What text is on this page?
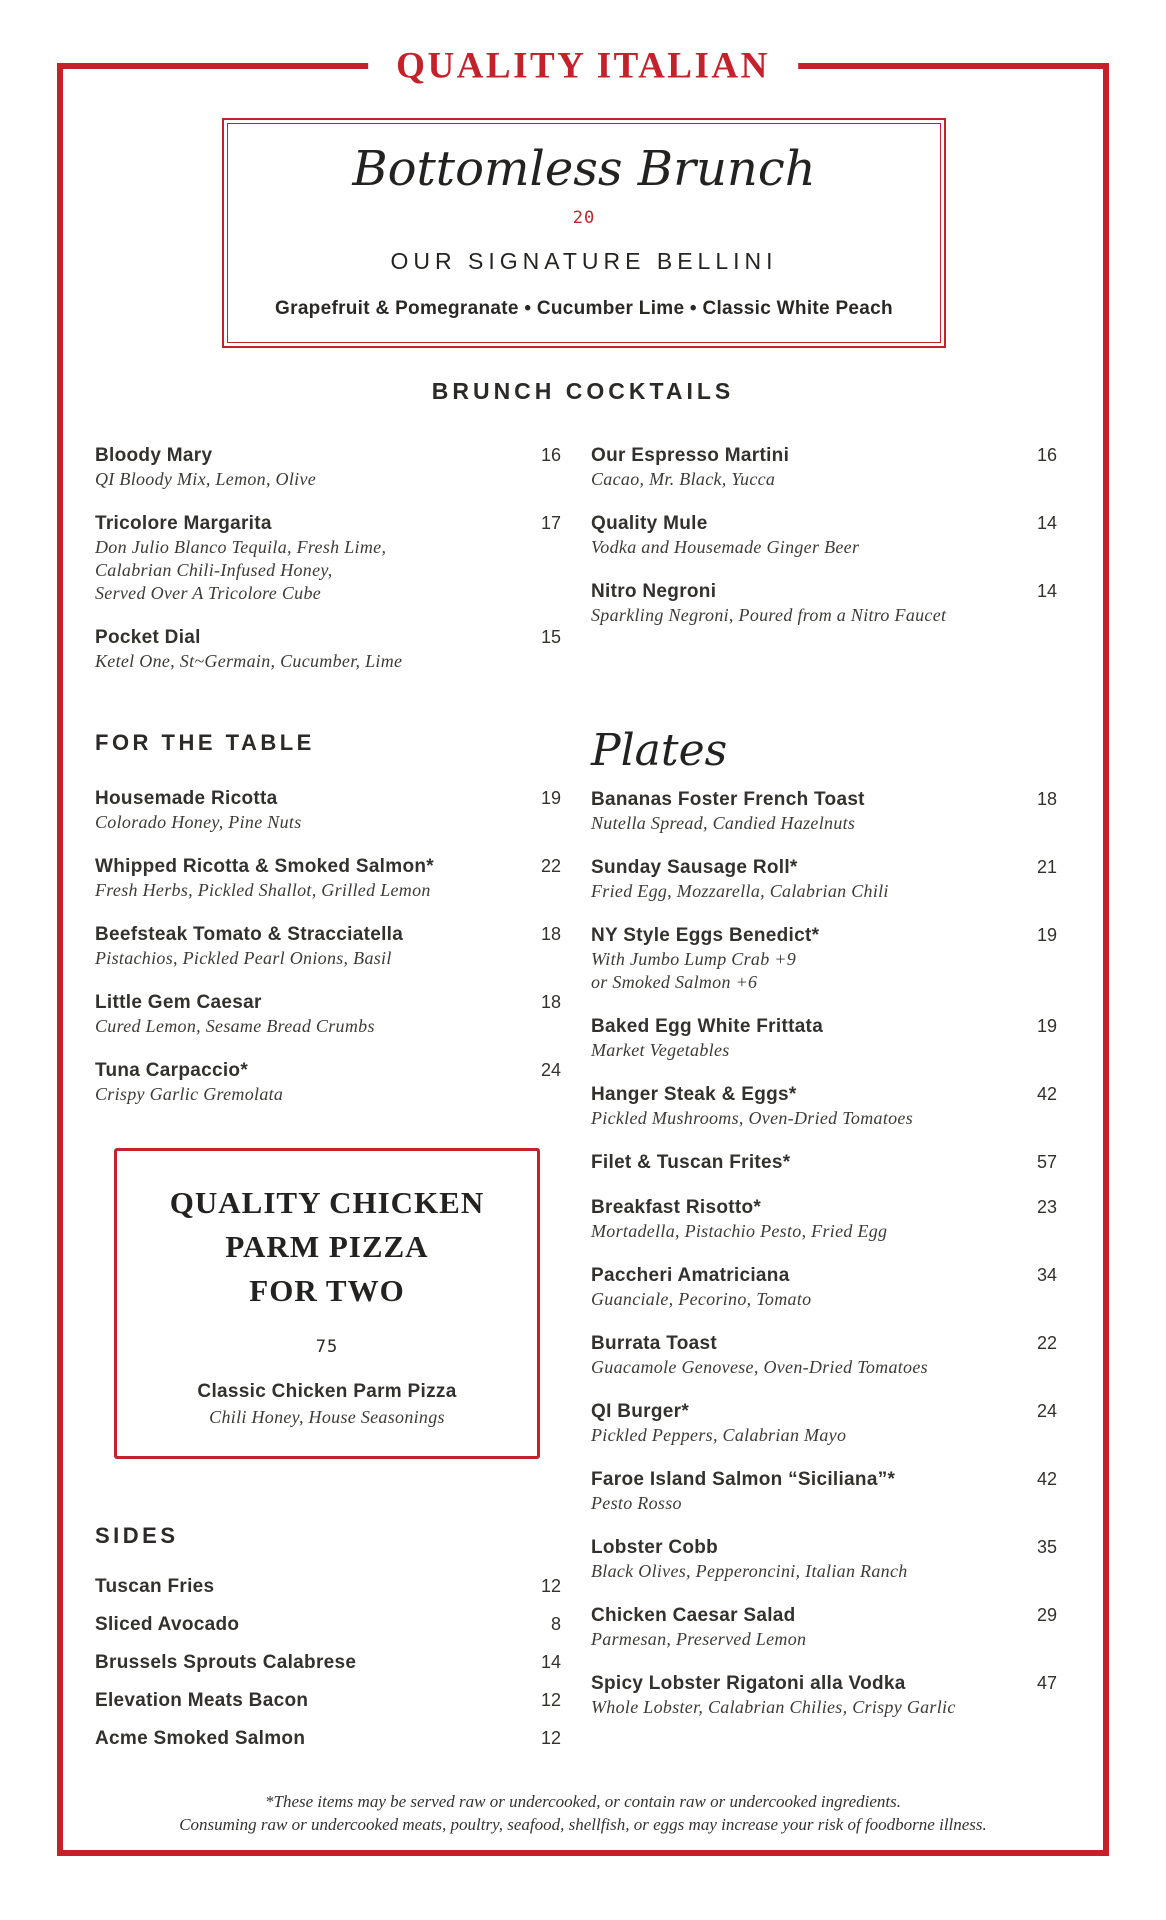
QUALITY ITALIAN
Bottomless Brunch
20
OUR SIGNATURE BELLINI
Grapefruit & Pomegranate • Cucumber Lime • Classic White Peach
BRUNCH COCKTAILS
Bloody Mary	16
QI Bloody Mix, Lemon, Olive
Tricolore Margarita	17
Don Julio Blanco Tequila, Fresh Lime,
Calabrian Chili-Infused Honey,
Served Over A Tricolore Cube
Pocket Dial	15
Ketel One, St~Germain, Cucumber, Lime
FOR THE TABLE
Housemade Ricotta	19
Colorado Honey, Pine Nuts
Whipped Ricotta & Smoked Salmon*	22
Fresh Herbs, Pickled Shallot, Grilled Lemon
Beefsteak Tomato & Stracciatella	18
Pistachios, Pickled Pearl Onions, Basil
Little Gem Caesar	18
Cured Lemon, Sesame Bread Crumbs
Tuna Carpaccio*	24
Crispy Garlic Gremolata
QUALITY CHICKEN
PARM PIZZA
FOR TWO
75
Classic Chicken Parm Pizza
Chili Honey, House Seasonings
SIDES
Tuscan Fries	12
Sliced Avocado	8
Brussels Sprouts Calabrese	14
Elevation Meats Bacon	12
Acme Smoked Salmon	12
Our Espresso Martini	16
Cacao, Mr. Black, Yucca
Quality Mule	14
Vodka and Housemade Ginger Beer
Nitro Negroni	14
Sparkling Negroni, Poured from a Nitro Faucet
Plates
Bananas Foster French Toast	18
Nutella Spread, Candied Hazelnuts
Sunday Sausage Roll*	21
Fried Egg, Mozzarella, Calabrian Chili
NY Style Eggs Benedict*	19
With Jumbo Lump Crab +9
or Smoked Salmon +6
Baked Egg White Frittata	19
Market Vegetables
Hanger Steak & Eggs*	42
Pickled Mushrooms, Oven-Dried Tomatoes
Filet & Tuscan Frites*	57
Breakfast Risotto*	23
Mortadella, Pistachio Pesto, Fried Egg
Paccheri Amatriciana	34
Guanciale, Pecorino, Tomato
Burrata Toast	22
Guacamole Genovese, Oven-Dried Tomatoes
QI Burger*	24
Pickled Peppers, Calabrian Mayo
Faroe Island Salmon “Siciliana”*	42
Pesto Rosso
Lobster Cobb	35
Black Olives, Pepperoncini, Italian Ranch
Chicken Caesar Salad	29
Parmesan, Preserved Lemon
Spicy Lobster Rigatoni alla Vodka	47
Whole Lobster, Calabrian Chilies, Crispy Garlic
*These items may be served raw or undercooked, or contain raw or undercooked ingredients.
Consuming raw or undercooked meats, poultry, seafood, shellfish, or eggs may increase your risk of foodborne illness.
